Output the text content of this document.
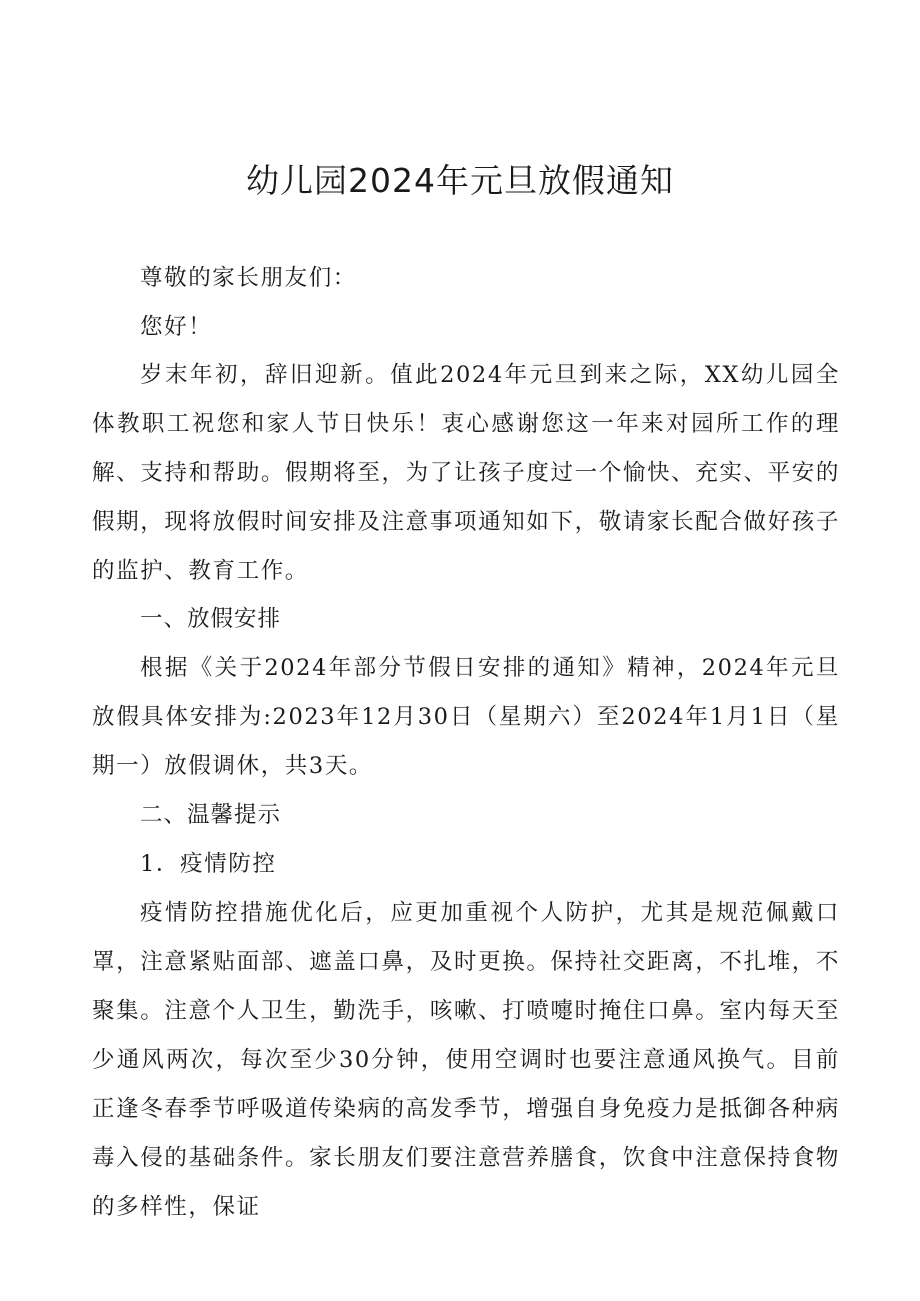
幼儿园2024年元旦放假通知

尊敬的家长朋友们：

您好！

岁末年初，辞旧迎新。值此2024年元旦到来之际，XX幼儿园全体教职工祝您和家人节日快乐！衷心感谢您这一年来对园所工作的理解、支持和帮助。假期将至，为了让孩子度过一个愉快、充实、平安的假期，现将放假时间安排及注意事项通知如下，敬请家长配合做好孩子的监护、教育工作。

一、放假安排

根据《关于2024年部分节假日安排的通知》精神，2024年元旦放假具体安排为:2023年12月30日（星期六）至2024年1月1日（星期一）放假调休，共3天。

二、温馨提示

1．疫情防控

疫情防控措施优化后，应更加重视个人防护，尤其是规范佩戴口罩，注意紧贴面部、遮盖口鼻，及时更换。保持社交距离，不扎堆，不聚集。注意个人卫生，勤洗手，咳嗽、打喷嚏时掩住口鼻。室内每天至少通风两次，每次至少30分钟，使用空调时也要注意通风换气。目前正逢冬春季节呼吸道传染病的高发季节，增强自身免疫力是抵御各种病毒入侵的基础条件。家长朋友们要注意营养膳食，饮食中注意保持食物的多样性，保证
